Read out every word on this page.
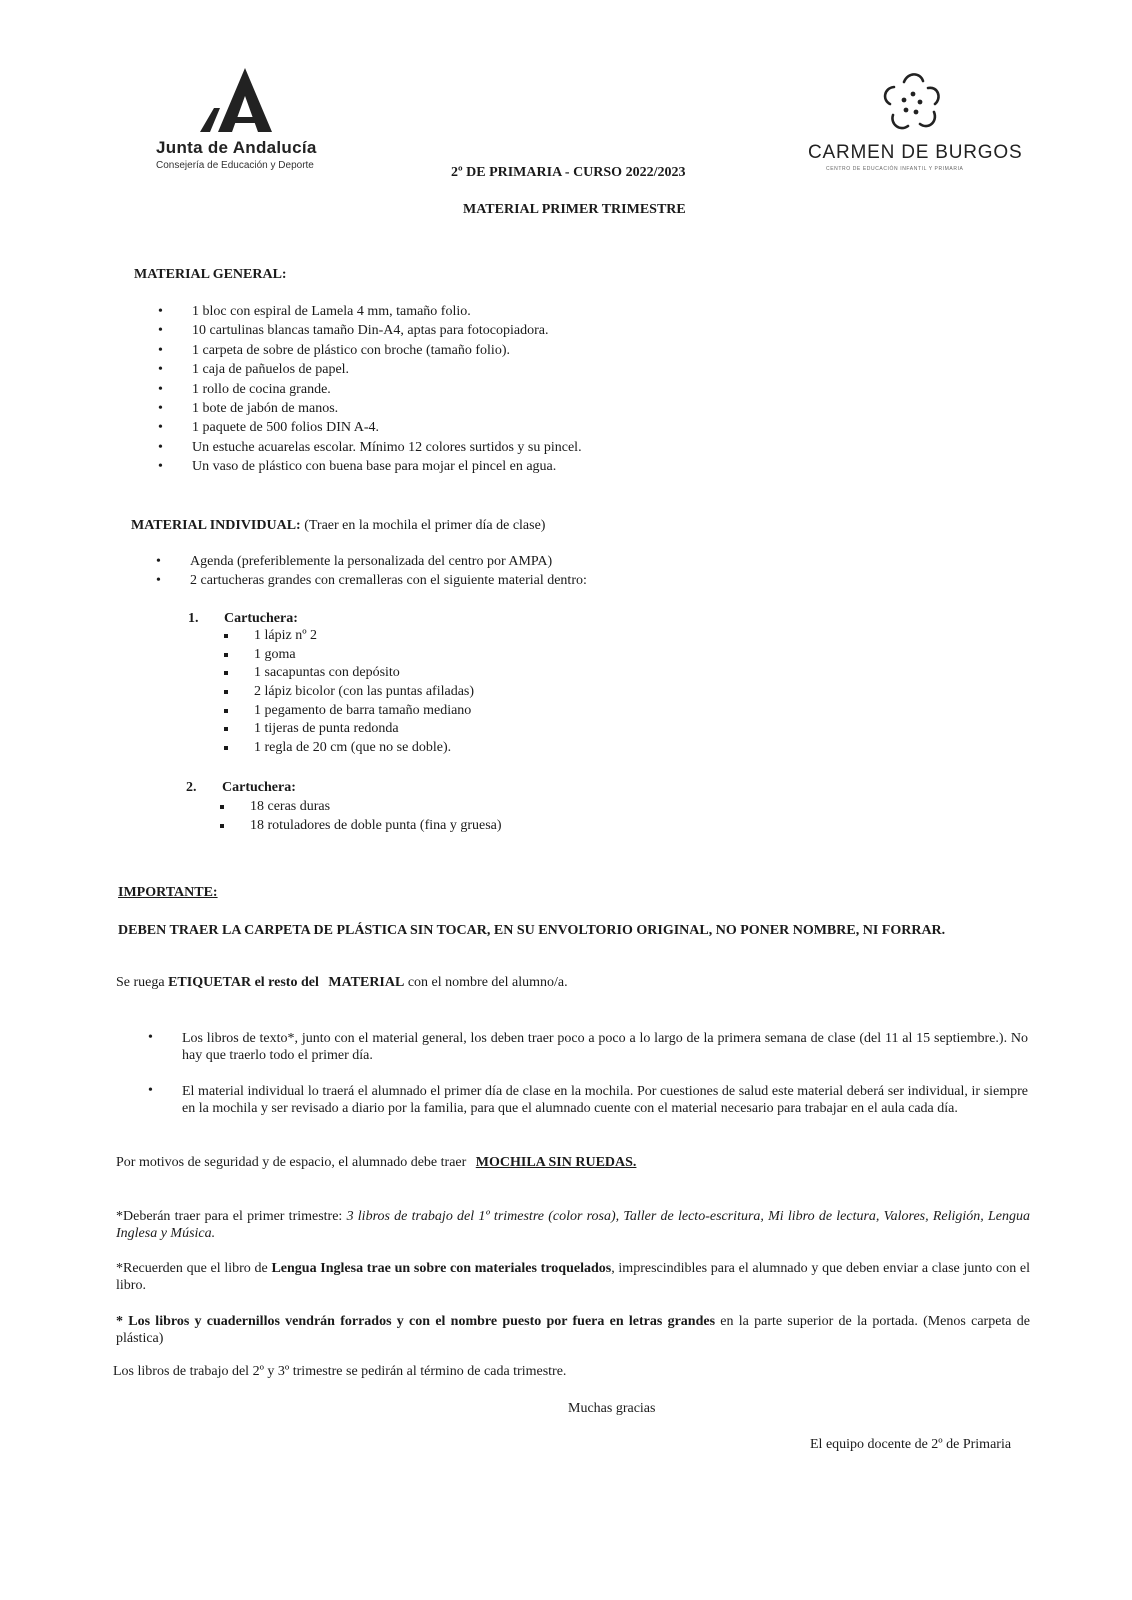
Junta de Andalucía
Consejería de Educación y Deporte
CARMEN DE BURGOS
CENTRO DE EDUCACIÓN INFANTIL Y PRIMARIA
2º DE PRIMARIA - CURSO 2022/2023
MATERIAL PRIMER TRIMESTRE
MATERIAL GENERAL:
• 1 bloc con espiral de Lamela 4 mm, tamaño folio.
• 10 cartulinas blancas tamaño Din-A4, aptas para fotocopiadora.
• 1 carpeta de sobre de plástico con broche (tamaño folio).
• 1 caja de pañuelos de papel.
• 1 rollo de cocina grande.
• 1 bote de jabón de manos.
• 1 paquete de 500 folios DIN A-4.
• Un estuche acuarelas escolar. Mínimo 12 colores surtidos y su pincel.
• Un vaso de plástico con buena base para mojar el pincel en agua.
MATERIAL INDIVIDUAL: (Traer en la mochila el primer día de clase)
• Agenda (preferiblemente la personalizada del centro por AMPA)
• 2 cartucheras grandes con cremalleras con el siguiente material dentro:
1. Cartuchera:
1 lápiz nº 2
1 goma
1 sacapuntas con depósito
2 lápiz bicolor (con las puntas afiladas)
1 pegamento de barra tamaño mediano
1 tijeras de punta redonda
1 regla de 20 cm (que no se doble).
2. Cartuchera:
18 ceras duras
18 rotuladores de doble punta (fina y gruesa)
IMPORTANTE:
DEBEN TRAER LA CARPETA DE PLÁSTICA SIN TOCAR, EN SU ENVOLTORIO ORIGINAL, NO PONER NOMBRE, NI FORRAR.
Se ruega ETIQUETAR el resto del MATERIAL con el nombre del alumno/a.
• Los libros de texto*, junto con el material general, los deben traer poco a poco a lo largo de la primera semana de clase (del 11 al 15 septiembre.). No hay que traerlo todo el primer día.
• El material individual lo traerá el alumnado el primer día de clase en la mochila. Por cuestiones de salud este material deberá ser individual, ir siempre en la mochila y ser revisado a diario por la familia, para que el alumnado cuente con el material necesario para trabajar en el aula cada día.
Por motivos de seguridad y de espacio, el alumnado debe traer MOCHILA SIN RUEDAS.
*Deberán traer para el primer trimestre: 3 libros de trabajo del 1º trimestre (color rosa), Taller de lecto-escritura, Mi libro de lectura, Valores, Religión, Lengua Inglesa y Música.
*Recuerden que el libro de Lengua Inglesa trae un sobre con materiales troquelados, imprescindibles para el alumnado y que deben enviar a clase junto con el libro.
* Los libros y cuadernillos vendrán forrados y con el nombre puesto por fuera en letras grandes en la parte superior de la portada. (Menos carpeta de plástica)
Los libros de trabajo del 2º y 3º trimestre se pedirán al término de cada trimestre.
Muchas gracias
El equipo docente de 2º de Primaria
